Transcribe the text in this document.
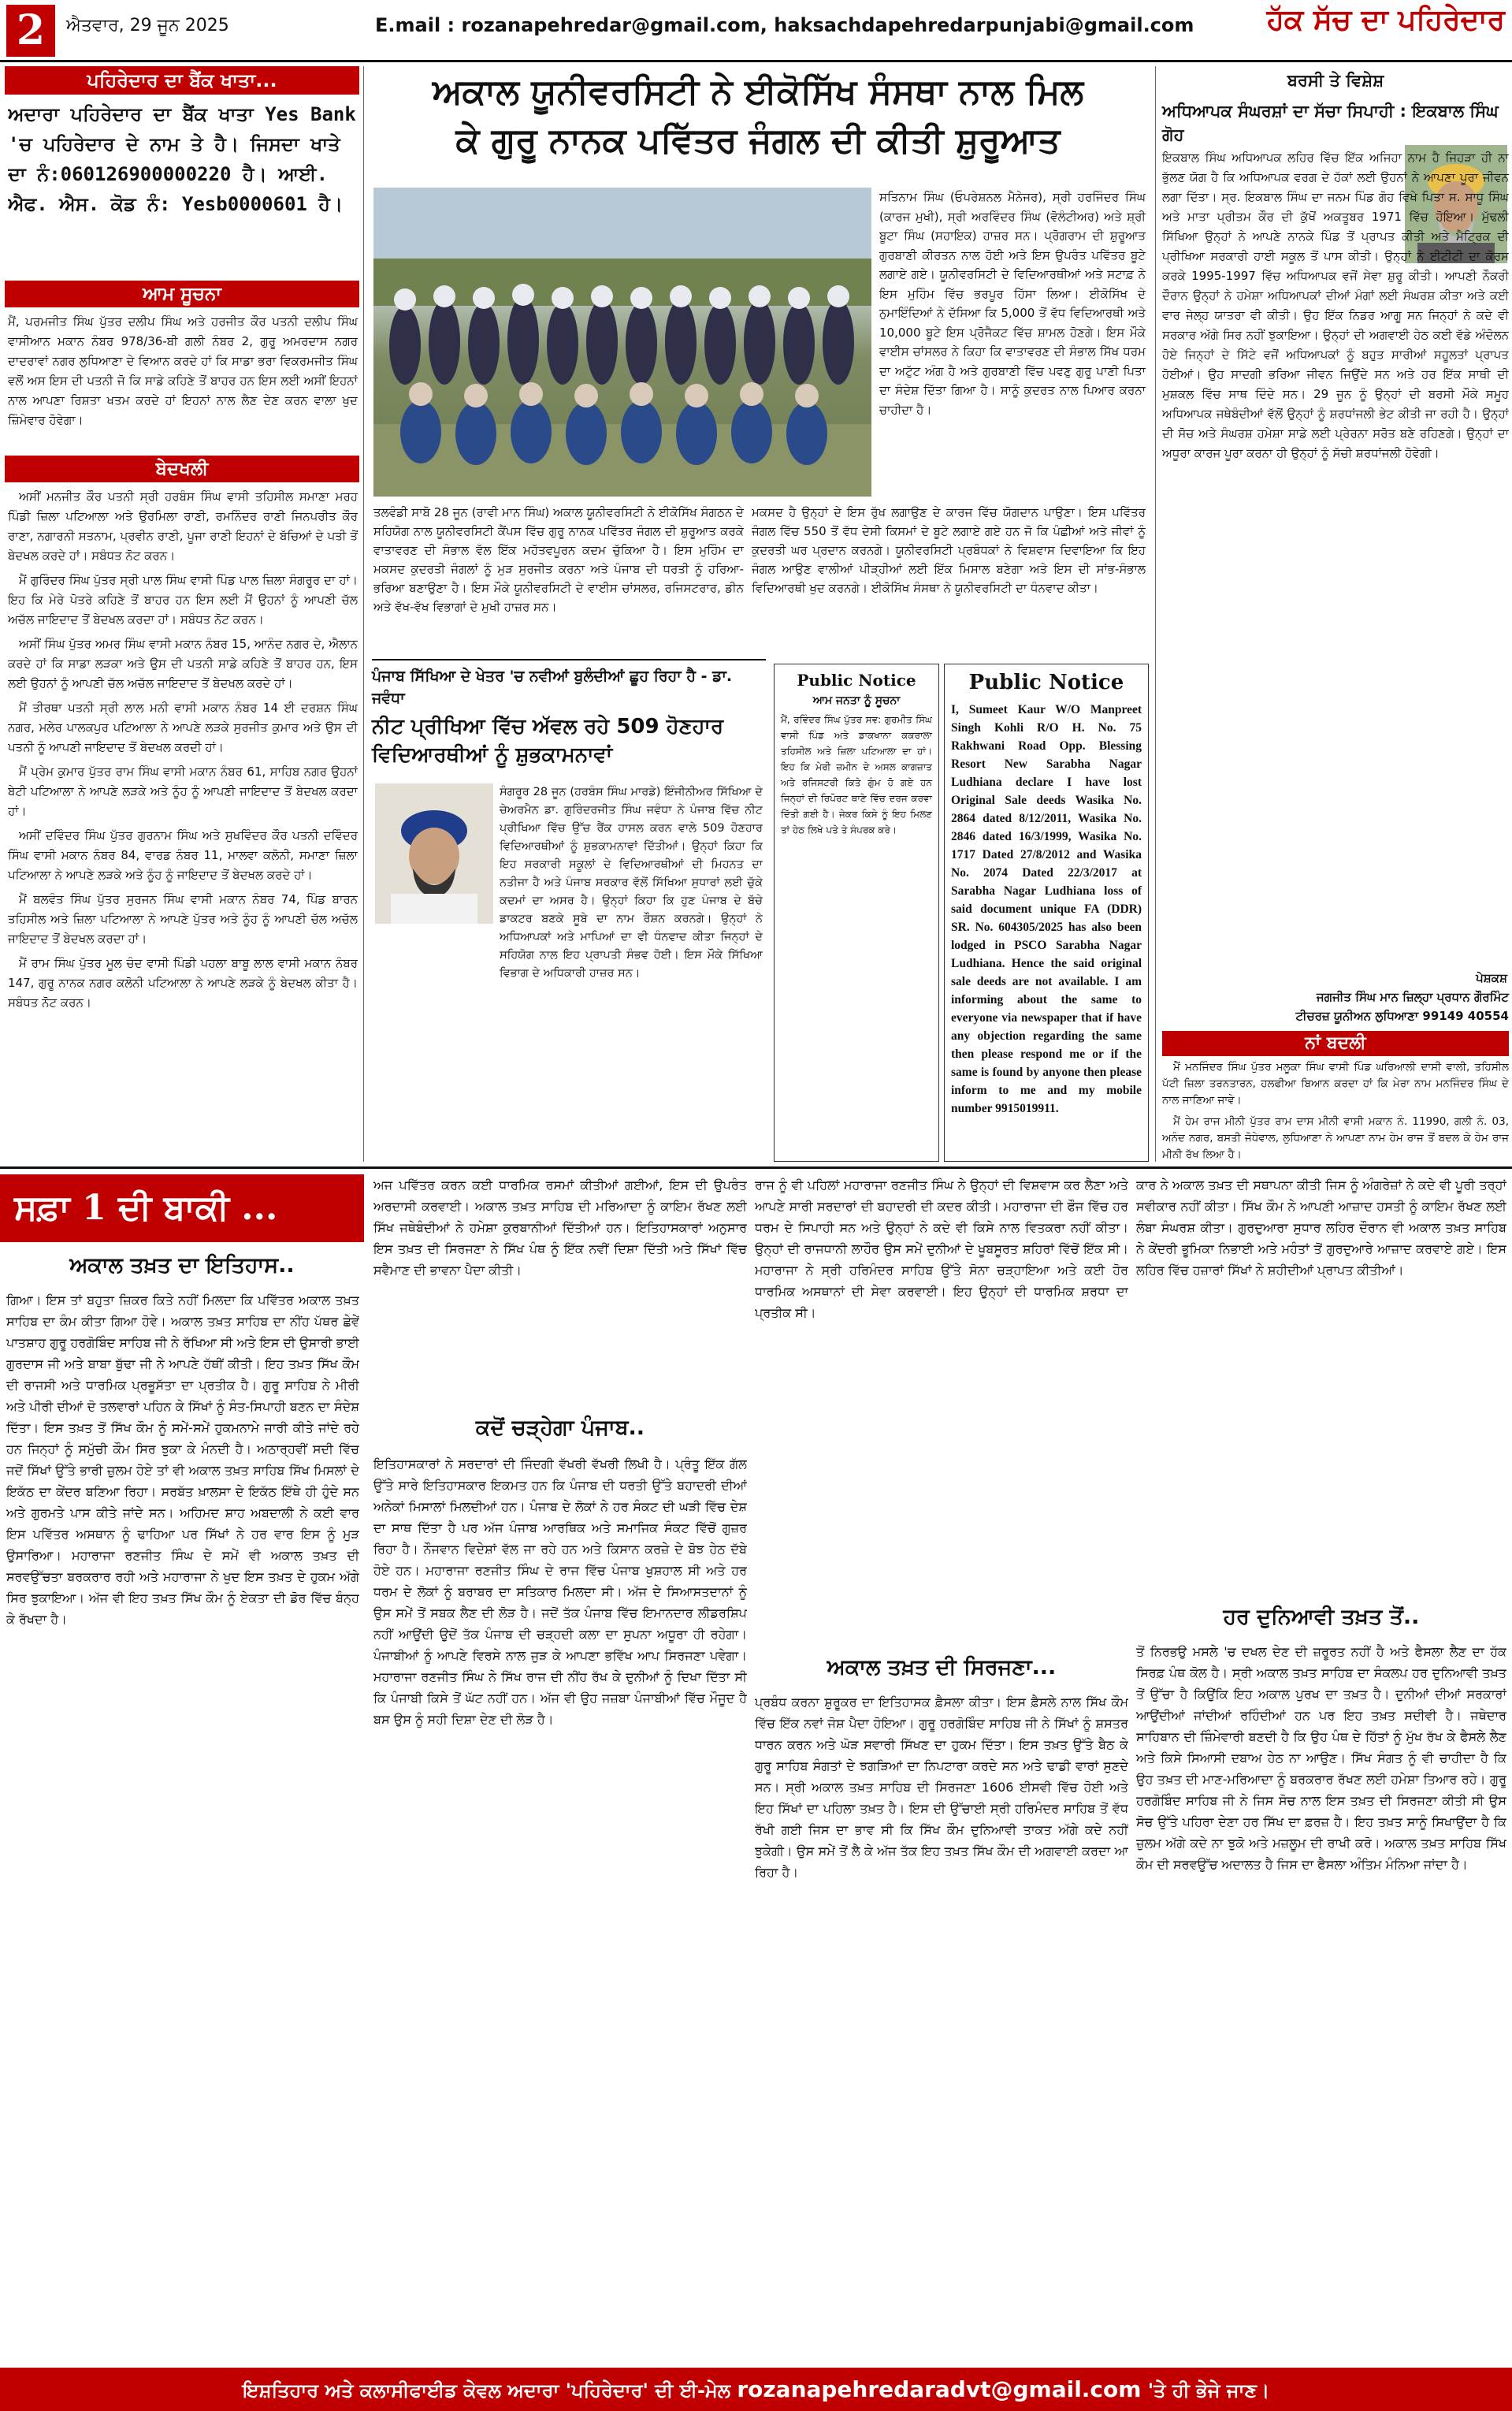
2	ਐਤਵਾਰ, 29 ਜੂਨ 2025	E.mail : rozanapehredar@gmail.com, haksachdapehredarpunjabi@gmail.com	ਹੱਕ ਸੱਚ ਦਾ ਪਹਿਰੇਦਾਰ
ਪਹਿਰੇਦਾਰ ਦਾ ਬੈਂਕ ਖਾਤਾ...
ਅਦਾਰਾ ਪਹਿਰੇਦਾਰ ਦਾ ਬੈਂਕ ਖਾਤਾ Yes Bank 'ਚ ਪਹਿਰੇਦਾਰ ਦੇ ਨਾਮ ਤੇ ਹੈ। ਜਿਸਦਾ ਖਾਤੇ ਦਾ ਨੰ:060126900000220 ਹੈ। ਆਈ. ਐਫ. ਐਸ. ਕੋਡ ਨੰ: Yesb0000601 ਹੈ।
ਆਮ ਸੂਚਨਾ
ਮੈਂ, ਪਰਮਜੀਤ ਸਿੰਘ ਪੁੱਤਰ ਦਲੀਪ ਸਿੰਘ ਅਤੇ ਹਰਜੀਤ ਕੌਰ ਪਤਨੀ ਦਲੀਪ ਸਿੰਘ ਵਾਸੀਆਨ ਮਕਾਨ ਨੰਬਰ 978/36-ਬੀ ਗਲੀ ਨੰਬਰ 2, ਗੁਰੂ ਅਮਰਦਾਸ ਨਗਰ ਦਾਦਰਾਵਾਂ ਨਗਰ ਲੁਧਿਆਣਾ ਦੇ ਵਿਆਨ ਕਰਦੇ ਹਾਂ ਕਿ ਸਾਡਾ ਭਰਾ ਵਿਕਰਮਜੀਤ ਸਿੰਘ ਵਲੋਂ ਅਸ ਇਸ ਦੀ ਪਤਨੀ ਜੋ ਕਿ ਸਾਡੇ ਕਹਿਣੇ ਤੋਂ ਬਾਹਰ ਹਨ ਇਸ ਲਈ ਅਸੀਂ ਇਹਨਾਂ ਨਾਲ ਆਪਣਾ ਰਿਸ਼ਤਾ ਖਤਮ ਕਰਦੇ ਹਾਂ ਇਹਨਾਂ ਨਾਲ ਲੈਣ ਦੇਣ ਕਰਨ ਵਾਲਾ ਖੁਦ ਜ਼ਿੰਮੇਵਾਰ ਹੋਵੇਗਾ।
ਬੇਦਖਲੀ

ਅਸੀਂ ਮਨਜੀਤ ਕੌਰ ਪਤਨੀ ਸ੍ਰੀ ਹਰਬੰਸ ਸਿੰਘ ਵਾਸੀ ਤਹਿਸੀਲ ਸਮਾਣਾ ਮਰਹ ਪਿੰਡੀ ਜ਼ਿਲਾ ਪਟਿਆਲਾ ਅਤੇ ਉਰਮਿਲਾ ਰਾਣੀ, ਰਮਨਿੰਦਰ ਰਾਣੀ ਜਿਨਪਰੀਤ ਕੌਰ ਰਾਣਾ, ਨਗਾਰਨੀ ਸਤਨਾਮ, ਪ੍ਰਵੀਨ ਰਾਣੀ, ਪੂਜਾ ਰਾਣੀ ਇਹਨਾਂ ਦੇ ਬੱਚਿਆਂ ਦੇ ਪਤੀ ਤੋਂ ਬੇਦਖਲ ਕਰਦੇ ਹਾਂ। ਸਬੰਧਤ ਨੋਟ ਕਰਨ।

ਮੈਂ ਗੁਰਿੰਦਰ ਸਿੰਘ ਪੁੱਤਰ ਸ੍ਰੀ ਪਾਲ ਸਿੰਘ ਵਾਸੀ ਪਿੰਡ ਪਾਲ ਜ਼ਿਲਾ ਸੰਗਰੂਰ ਦਾ ਹਾਂ। ਇਹ ਕਿ ਮੇਰੇ ਪੋਤਰੇ ਕਹਿਣੇ ਤੋਂ ਬਾਹਰ ਹਨ ਇਸ ਲਈ ਮੈਂ ਉਹਨਾਂ ਨੂੰ ਆਪਣੀ ਚੱਲ ਅਚੱਲ ਜਾਇਦਾਦ ਤੋਂ ਬੇਦਖਲ ਕਰਦਾ ਹਾਂ। ਸਬੰਧਤ ਨੋਟ ਕਰਨ।

ਅਸੀਂ ਸਿੰਘ ਪੁੱਤਰ ਅਮਰ ਸਿੰਘ ਵਾਸੀ ਮਕਾਨ ਨੰਬਰ 15, ਆਨੰਦ ਨਗਰ ਦੇ, ਐਲਾਨ ਕਰਦੇ ਹਾਂ ਕਿ ਸਾਡਾ ਲੜਕਾ ਅਤੇ ਉਸ ਦੀ ਪਤਨੀ ਸਾਡੇ ਕਹਿਣੇ ਤੋਂ ਬਾਹਰ ਹਨ, ਇਸ ਲਈ ਉਹਨਾਂ ਨੂੰ ਆਪਣੀ ਚੱਲ ਅਚੱਲ ਜਾਇਦਾਦ ਤੋਂ ਬੇਦਖਲ ਕਰਦੇ ਹਾਂ।

ਮੈਂ ਤੀਰਥਾ ਪਤਨੀ ਸ੍ਰੀ ਲਾਲ ਮਨੀ ਵਾਸੀ ਮਕਾਨ ਨੰਬਰ 14 ਈ ਦਰਸ਼ਨ ਸਿੰਘ ਨਗਰ, ਮਲੇਰ ਪਾਲਕਪੁਰ ਪਟਿਆਲਾ ਨੇ ਆਪਣੇ ਲੜਕੇ ਸੁਰਜੀਤ ਕੁਮਾਰ ਅਤੇ ਉਸ ਦੀ ਪਤਨੀ ਨੂੰ ਆਪਣੀ ਜਾਇਦਾਦ ਤੋਂ ਬੇਦਖਲ ਕਰਦੀ ਹਾਂ।

ਮੈਂ ਪ੍ਰੇਮ ਕੁਮਾਰ ਪੁੱਤਰ ਰਾਮ ਸਿੰਘ ਵਾਸੀ ਮਕਾਨ ਨੰਬਰ 61, ਸਾਹਿਬ ਨਗਰ ਉਹਨਾਂ ਬੇਟੀ ਪਟਿਆਲਾ ਨੇ ਆਪਣੇ ਲੜਕੇ ਅਤੇ ਨੂੰਹ ਨੂੰ ਆਪਣੀ ਜਾਇਦਾਦ ਤੋਂ ਬੇਦਖਲ ਕਰਦਾ ਹਾਂ।

ਅਸੀਂ ਦਵਿੰਦਰ ਸਿੰਘ ਪੁੱਤਰ ਗੁਰਨਾਮ ਸਿੰਘ ਅਤੇ ਸੁਖਵਿੰਦਰ ਕੌਰ ਪਤਨੀ ਦਵਿੰਦਰ ਸਿੰਘ ਵਾਸੀ ਮਕਾਨ ਨੰਬਰ 84, ਵਾਰਡ ਨੰਬਰ 11, ਮਾਲਵਾ ਕਲੋਨੀ, ਸਮਾਣਾ ਜ਼ਿਲਾ ਪਟਿਆਲਾ ਨੇ ਆਪਣੇ ਲੜਕੇ ਅਤੇ ਨੂੰਹ ਨੂੰ ਜਾਇਦਾਦ ਤੋਂ ਬੇਦਖਲ ਕਰਦੇ ਹਾਂ।

ਮੈਂ ਬਲਵੰਤ ਸਿੰਘ ਪੁੱਤਰ ਸੁਰਜਨ ਸਿੰਘ ਵਾਸੀ ਮਕਾਨ ਨੰਬਰ 74, ਪਿੰਡ ਬਾਰਨ ਤਹਿਸੀਲ ਅਤੇ ਜ਼ਿਲਾ ਪਟਿਆਲਾ ਨੇ ਆਪਣੇ ਪੁੱਤਰ ਅਤੇ ਨੂੰਹ ਨੂੰ ਆਪਣੀ ਚੱਲ ਅਚੱਲ ਜਾਇਦਾਦ ਤੋਂ ਬੇਦਖਲ ਕਰਦਾ ਹਾਂ।

ਮੈਂ ਰਾਮ ਸਿੰਘ ਪੁੱਤਰ ਮੂਲ ਚੰਦ ਵਾਸੀ ਪਿੰਡੀ ਪਹਲਾ ਬਾਬੂ ਲਾਲ ਵਾਸੀ ਮਕਾਨ ਨੰਬਰ 147, ਗੁਰੂ ਨਾਨਕ ਨਗਰ ਕਲੋਨੀ ਪਟਿਆਲਾ ਨੇ ਆਪਣੇ ਲੜਕੇ ਨੂੰ ਬੇਦਖਲ ਕੀਤਾ ਹੈ। ਸਬੰਧਤ ਨੋਟ ਕਰਨ।

ਅਕਾਲ ਯੂਨੀਵਰਸਿਟੀ ਨੇ ਈਕੋਸਿੱਖ ਸੰਸਥਾ ਨਾਲ ਮਿਲ
ਕੇ ਗੁਰੂ ਨਾਨਕ ਪਵਿੱਤਰ ਜੰਗਲ ਦੀ ਕੀਤੀ ਸ਼ੁਰੂਆਤ
ਸਤਿਨਾਮ ਸਿੰਘ (ਓਪਰੇਸ਼ਨਲ ਮੈਨੇਜਰ), ਸ੍ਰੀ ਹਰਜਿੰਦਰ ਸਿੰਘ (ਕਾਰਜ ਮੁਖੀ), ਸ੍ਰੀ ਅਰਵਿੰਦਰ ਸਿੰਘ (ਵੋਲੰਟੀਅਰ) ਅਤੇ ਸ਼੍ਰੀ ਬੂਟਾ ਸਿੰਘ (ਸਹਾਇਕ) ਹਾਜ਼ਰ ਸਨ। ਪ੍ਰੋਗਰਾਮ ਦੀ ਸ਼ੁਰੂਆਤ ਗੁਰਬਾਣੀ ਕੀਰਤਨ ਨਾਲ ਹੋਈ ਅਤੇ ਇਸ ਉਪਰੰਤ ਪਵਿੱਤਰ ਬੂਟੇ ਲਗਾਏ ਗਏ। ਯੂਨੀਵਰਸਿਟੀ ਦੇ ਵਿਦਿਆਰਥੀਆਂ ਅਤੇ ਸਟਾਫ਼ ਨੇ ਇਸ ਮੁਹਿੰਮ ਵਿੱਚ ਭਰਪੂਰ ਹਿੱਸਾ ਲਿਆ। ਈਕੋਸਿੱਖ ਦੇ ਨੁਮਾਇੰਦਿਆਂ ਨੇ ਦੱਸਿਆ ਕਿ 5,000 ਤੋਂ ਵੱਧ ਵਿਦਿਆਰਥੀ ਅਤੇ 10,000 ਬੂਟੇ ਇਸ ਪ੍ਰੋਜੈਕਟ ਵਿੱਚ ਸ਼ਾਮਲ ਹੋਣਗੇ। ਇਸ ਮੌਕੇ ਵਾਈਸ ਚਾਂਸਲਰ ਨੇ ਕਿਹਾ ਕਿ ਵਾਤਾਵਰਣ ਦੀ ਸੰਭਾਲ ਸਿੱਖ ਧਰਮ ਦਾ ਅਟੁੱਟ ਅੰਗ ਹੈ ਅਤੇ ਗੁਰਬਾਣੀ ਵਿੱਚ ਪਵਣੁ ਗੁਰੂ ਪਾਣੀ ਪਿਤਾ ਦਾ ਸੰਦੇਸ਼ ਦਿੱਤਾ ਗਿਆ ਹੈ। ਸਾਨੂੰ ਕੁਦਰਤ ਨਾਲ ਪਿਆਰ ਕਰਨਾ ਚਾਹੀਦਾ ਹੈ।
ਤਲਵੰਡੀ ਸਾਬੋ 28 ਜੂਨ (ਰਾਵੀ ਮਾਨ ਸਿੰਘ) ਅਕਾਲ ਯੂਨੀਵਰਸਿਟੀ ਨੇ ਈਕੋਸਿੱਖ ਸੰਗਠਨ ਦੇ ਸਹਿਯੋਗ ਨਾਲ ਯੂਨੀਵਰਸਿਟੀ ਕੈਂਪਸ ਵਿੱਚ ਗੁਰੂ ਨਾਨਕ ਪਵਿੱਤਰ ਜੰਗਲ ਦੀ ਸ਼ੁਰੂਆਤ ਕਰਕੇ ਵਾਤਾਵਰਣ ਦੀ ਸੰਭਾਲ ਵੱਲ ਇੱਕ ਮਹੱਤਵਪੂਰਨ ਕਦਮ ਚੁੱਕਿਆ ਹੈ। ਇਸ ਮੁਹਿੰਮ ਦਾ ਮਕਸਦ ਕੁਦਰਤੀ ਜੰਗਲਾਂ ਨੂੰ ਮੁੜ ਸੁਰਜੀਤ ਕਰਨਾ ਅਤੇ ਪੰਜਾਬ ਦੀ ਧਰਤੀ ਨੂੰ ਹਰਿਆ-ਭਰਿਆ ਬਣਾਉਣਾ ਹੈ। ਇਸ ਮੌਕੇ ਯੂਨੀਵਰਸਿਟੀ ਦੇ ਵਾਈਸ ਚਾਂਸਲਰ, ਰਜਿਸਟਰਾਰ, ਡੀਨ ਅਤੇ ਵੱਖ-ਵੱਖ ਵਿਭਾਗਾਂ ਦੇ ਮੁਖੀ ਹਾਜ਼ਰ ਸਨ।
ਮਕਸਦ ਹੈ ਉਨ੍ਹਾਂ ਦੇ ਇਸ ਰੁੱਖ ਲਗਾਉਣ ਦੇ ਕਾਰਜ ਵਿੱਚ ਯੋਗਦਾਨ ਪਾਉਣਾ। ਇਸ ਪਵਿੱਤਰ ਜੰਗਲ ਵਿੱਚ 550 ਤੋਂ ਵੱਧ ਦੇਸੀ ਕਿਸਮਾਂ ਦੇ ਬੂਟੇ ਲਗਾਏ ਗਏ ਹਨ ਜੋ ਕਿ ਪੰਛੀਆਂ ਅਤੇ ਜੀਵਾਂ ਨੂੰ ਕੁਦਰਤੀ ਘਰ ਪ੍ਰਦਾਨ ਕਰਨਗੇ। ਯੂਨੀਵਰਸਿਟੀ ਪ੍ਰਬੰਧਕਾਂ ਨੇ ਵਿਸ਼ਵਾਸ ਦਿਵਾਇਆ ਕਿ ਇਹ ਜੰਗਲ ਆਉਣ ਵਾਲੀਆਂ ਪੀੜ੍ਹੀਆਂ ਲਈ ਇੱਕ ਮਿਸਾਲ ਬਣੇਗਾ ਅਤੇ ਇਸ ਦੀ ਸਾਂਭ-ਸੰਭਾਲ ਵਿਦਿਆਰਥੀ ਖੁਦ ਕਰਨਗੇ। ਈਕੋਸਿੱਖ ਸੰਸਥਾ ਨੇ ਯੂਨੀਵਰਸਿਟੀ ਦਾ ਧੰਨਵਾਦ ਕੀਤਾ।
ਪੰਜਾਬ ਸਿੱਖਿਆ ਦੇ ਖੇਤਰ 'ਚ ਨਵੀਆਂ ਬੁਲੰਦੀਆਂ ਛੂਹ ਰਿਹਾ ਹੈ - ਡਾ. ਜਵੰਧਾ
ਨੀਟ ਪ੍ਰੀਖਿਆ ਵਿੱਚ ਅੱਵਲ ਰਹੇ 509 ਹੋਣਹਾਰ ਵਿਦਿਆਰਥੀਆਂ ਨੂੰ ਸ਼ੁਭਕਾਮਨਾਵਾਂ
ਸੰਗਰੂਰ 28 ਜੂਨ (ਹਰਬੰਸ ਸਿੰਘ ਮਾਰਡੇ) ਇੰਜੀਨੀਅਰ ਸਿੱਖਿਆ ਦੇ ਚੇਅਰਮੈਨ ਡਾ. ਗੁਰਿੰਦਰਜੀਤ ਸਿੰਘ ਜਵੰਧਾ ਨੇ ਪੰਜਾਬ ਵਿੱਚ ਨੀਟ ਪ੍ਰੀਖਿਆ ਵਿੱਚ ਉੱਚ ਰੈਂਕ ਹਾਸਲ ਕਰਨ ਵਾਲੇ 509 ਹੋਣਹਾਰ ਵਿਦਿਆਰਥੀਆਂ ਨੂੰ ਸ਼ੁਭਕਾਮਨਾਵਾਂ ਦਿੱਤੀਆਂ। ਉਨ੍ਹਾਂ ਕਿਹਾ ਕਿ ਇਹ ਸਰਕਾਰੀ ਸਕੂਲਾਂ ਦੇ ਵਿਦਿਆਰਥੀਆਂ ਦੀ ਮਿਹਨਤ ਦਾ ਨਤੀਜਾ ਹੈ ਅਤੇ ਪੰਜਾਬ ਸਰਕਾਰ ਵੱਲੋਂ ਸਿੱਖਿਆ ਸੁਧਾਰਾਂ ਲਈ ਚੁੱਕੇ ਕਦਮਾਂ ਦਾ ਅਸਰ ਹੈ। ਉਨ੍ਹਾਂ ਕਿਹਾ ਕਿ ਹੁਣ ਪੰਜਾਬ ਦੇ ਬੱਚੇ ਡਾਕਟਰ ਬਣਕੇ ਸੂਬੇ ਦਾ ਨਾਮ ਰੌਸ਼ਨ ਕਰਨਗੇ। ਉਨ੍ਹਾਂ ਨੇ ਅਧਿਆਪਕਾਂ ਅਤੇ ਮਾਪਿਆਂ ਦਾ ਵੀ ਧੰਨਵਾਦ ਕੀਤਾ ਜਿਨ੍ਹਾਂ ਦੇ ਸਹਿਯੋਗ ਨਾਲ ਇਹ ਪ੍ਰਾਪਤੀ ਸੰਭਵ ਹੋਈ। ਇਸ ਮੌਕੇ ਸਿੱਖਿਆ ਵਿਭਾਗ ਦੇ ਅਧਿਕਾਰੀ ਹਾਜ਼ਰ ਸਨ।
Public Notice
ਆਮ ਜਨਤਾ ਨੂੰ ਸੂਚਨਾ
ਮੈਂ, ਰਵਿੰਦਰ ਸਿੰਘ ਪੁੱਤਰ ਸਵ: ਗੁਰਮੀਤ ਸਿੰਘ ਵਾਸੀ ਪਿੰਡ ਅਤੇ ਡਾਕਖਾਨਾ ਕਕਰਾਲਾ ਤਹਿਸੀਲ ਅਤੇ ਜ਼ਿਲਾ ਪਟਿਆਲਾ ਦਾ ਹਾਂ। ਇਹ ਕਿ ਮੇਰੀ ਜ਼ਮੀਨ ਦੇ ਅਸਲ ਕਾਗਜ਼ਾਤ ਅਤੇ ਰਜਿਸਟਰੀ ਕਿਤੇ ਗੁੰਮ ਹੋ ਗਏ ਹਨ ਜਿਨ੍ਹਾਂ ਦੀ ਰਿਪੋਰਟ ਥਾਣੇ ਵਿੱਚ ਦਰਜ ਕਰਵਾ ਦਿੱਤੀ ਗਈ ਹੈ। ਜੇਕਰ ਕਿਸੇ ਨੂੰ ਇਹ ਮਿਲਣ ਤਾਂ ਹੇਠ ਲਿਖੇ ਪਤੇ ਤੇ ਸੰਪਰਕ ਕਰੇ।
Public Notice
I, Sumeet Kaur W/O Manpreet Singh Kohli R/O H. No. 75 Rakhwani Road Opp. Blessing Resort New Sarabha Nagar Ludhiana declare I have lost Original Sale deeds Wasika No. 2864 dated 8/12/2011, Wasika No. 2846 dated 16/3/1999, Wasika No. 1717 Dated 27/8/2012 and Wasika No. 2074 Dated 22/3/2017 at Sarabha Nagar Ludhiana loss of said document unique FA (DDR) SR. No. 604305/2025 has also been lodged in PSCO Sarabha Nagar Ludhiana. Hence the said original sale deeds are not available. I am informing about the same to everyone via newspaper that if have any objection regarding the same then please respond me or if the same is found by anyone then please inform to me and my mobile number 9915019911.
ਬਰਸੀ ਤੇ ਵਿਸ਼ੇਸ਼
ਅਧਿਆਪਕ ਸੰਘਰਸ਼ਾਂ ਦਾ ਸੱਚਾ ਸਿਪਾਹੀ : ਇਕਬਾਲ ਸਿੰਘ ਗੋਹ
ਇਕਬਾਲ ਸਿੰਘ ਅਧਿਆਪਕ ਲਹਿਰ ਵਿੱਚ ਇੱਕ ਅਜਿਹਾ ਨਾਮ ਹੈ ਜਿਹੜਾ ਹੀ ਨਾ ਭੁੱਲਣ ਯੋਗ ਹੈ ਕਿ ਅਧਿਆਪਕ ਵਰਗ ਦੇ ਹੱਕਾਂ ਲਈ ਉਹਨਾਂ ਨੇ ਆਪਣਾ ਪੂਰਾ ਜੀਵਨ ਲਗਾ ਦਿੱਤਾ। ਸ੍ਰ. ਇਕਬਾਲ ਸਿੰਘ ਦਾ ਜਨਮ ਪਿੰਡ ਗੋਹ ਵਿਖੇ ਪਿਤਾ ਸ. ਸਾਧੂ ਸਿੰਘ ਅਤੇ ਮਾਤਾ ਪ੍ਰੀਤਮ ਕੌਰ ਦੀ ਕੁੱਖੋਂ ਅਕਤੂਬਰ 1971 ਵਿੱਚ ਹੋਇਆ। ਮੁੱਢਲੀ ਸਿੱਖਿਆ ਉਨ੍ਹਾਂ ਨੇ ਆਪਣੇ ਨਾਨਕੇ ਪਿੰਡ ਤੋਂ ਪ੍ਰਾਪਤ ਕੀਤੀ ਅਤੇ ਮੈਟ੍ਰਿਕ ਦੀ ਪ੍ਰੀਖਿਆ ਸਰਕਾਰੀ ਹਾਈ ਸਕੂਲ ਤੋਂ ਪਾਸ ਕੀਤੀ। ਉਨ੍ਹਾਂ ਨੇ ਈਟੀਟੀ ਦਾ ਕੋਰਸ ਕਰਕੇ 1995-1997 ਵਿੱਚ ਅਧਿਆਪਕ ਵਜੋਂ ਸੇਵਾ ਸ਼ੁਰੂ ਕੀਤੀ। ਆਪਣੀ ਨੌਕਰੀ ਦੌਰਾਨ ਉਨ੍ਹਾਂ ਨੇ ਹਮੇਸ਼ਾ ਅਧਿਆਪਕਾਂ ਦੀਆਂ ਮੰਗਾਂ ਲਈ ਸੰਘਰਸ਼ ਕੀਤਾ ਅਤੇ ਕਈ ਵਾਰ ਜੇਲ੍ਹ ਯਾਤਰਾ ਵੀ ਕੀਤੀ। ਉਹ ਇੱਕ ਨਿਡਰ ਆਗੂ ਸਨ ਜਿਨ੍ਹਾਂ ਨੇ ਕਦੇ ਵੀ ਸਰਕਾਰ ਅੱਗੇ ਸਿਰ ਨਹੀਂ ਝੁਕਾਇਆ। ਉਨ੍ਹਾਂ ਦੀ ਅਗਵਾਈ ਹੇਠ ਕਈ ਵੱਡੇ ਅੰਦੋਲਨ ਹੋਏ ਜਿਨ੍ਹਾਂ ਦੇ ਸਿੱਟੇ ਵਜੋਂ ਅਧਿਆਪਕਾਂ ਨੂੰ ਬਹੁਤ ਸਾਰੀਆਂ ਸਹੂਲਤਾਂ ਪ੍ਰਾਪਤ ਹੋਈਆਂ। ਉਹ ਸਾਦਗੀ ਭਰਿਆ ਜੀਵਨ ਜਿਉਂਦੇ ਸਨ ਅਤੇ ਹਰ ਇੱਕ ਸਾਥੀ ਦੀ ਮੁਸ਼ਕਲ ਵਿੱਚ ਸਾਥ ਦਿੰਦੇ ਸਨ। 29 ਜੂਨ ਨੂੰ ਉਨ੍ਹਾਂ ਦੀ ਬਰਸੀ ਮੌਕੇ ਸਮੂਹ ਅਧਿਆਪਕ ਜਥੇਬੰਦੀਆਂ ਵੱਲੋਂ ਉਨ੍ਹਾਂ ਨੂੰ ਸ਼ਰਧਾਂਜਲੀ ਭੇਟ ਕੀਤੀ ਜਾ ਰਹੀ ਹੈ। ਉਨ੍ਹਾਂ ਦੀ ਸੋਚ ਅਤੇ ਸੰਘਰਸ਼ ਹਮੇਸ਼ਾ ਸਾਡੇ ਲਈ ਪ੍ਰੇਰਨਾ ਸਰੋਤ ਬਣੇ ਰਹਿਣਗੇ। ਉਨ੍ਹਾਂ ਦਾ ਅਧੂਰਾ ਕਾਰਜ ਪੂਰਾ ਕਰਨਾ ਹੀ ਉਨ੍ਹਾਂ ਨੂੰ ਸੱਚੀ ਸ਼ਰਧਾਂਜਲੀ ਹੋਵੇਗੀ।
ਪੇਸ਼ਕਸ਼
ਜਗਜੀਤ ਸਿੰਘ ਮਾਨ ਜ਼ਿਲ੍ਹਾ ਪ੍ਰਧਾਨ ਗੌਰਮਿੰਟ
ਟੀਚਰਜ਼ ਯੂਨੀਅਨ ਲੁਧਿਆਣਾ 99149 40554
ਨਾਂ ਬਦਲੀ

ਮੈਂ ਮਨਜਿੰਦਰ ਸਿੰਘ ਪੁੱਤਰ ਮਲੂਕਾ ਸਿੰਘ ਵਾਸੀ ਪਿੰਡ ਘਰਿਆਲੀ ਦਾਸੀ ਵਾਲੀ, ਤਹਿਸੀਲ ਪੱਟੀ ਜ਼ਿਲਾ ਤਰਨਤਾਰਨ, ਹਲਫੀਆ ਬਿਆਨ ਕਰਦਾ ਹਾਂ ਕਿ ਮੇਰਾ ਨਾਮ ਮਨਜਿੰਦਰ ਸਿੰਘ ਦੇ ਨਾਲ ਜਾਣਿਆ ਜਾਵੇ।

ਮੈਂ ਹੇਮ ਰਾਜ ਮੀਨੀ ਪੁੱਤਰ ਰਾਮ ਦਾਸ ਮੀਨੀ ਵਾਸੀ ਮਕਾਨ ਨੰ. 11990, ਗਲੀ ਨੰ. 03, ਅਨੰਦ ਨਗਰ, ਬਸਤੀ ਜੋਧੇਵਾਲ, ਲੁਧਿਆਣਾ ਨੇ ਆਪਣਾ ਨਾਮ ਹੇਮ ਰਾਜ ਤੋਂ ਬਦਲ ਕੇ ਹੇਮ ਰਾਜ ਮੀਨੀ ਰੱਖ ਲਿਆ ਹੈ।

ਸਫ਼ਾ 1 ਦੀ ਬਾਕੀ ...
ਅਕਾਲ ਤਖ਼ਤ ਦਾ ਇਤਿਹਾਸ..
ਗਿਆ। ਇਸ ਤਾਂ ਬਹੁਤਾ ਜ਼ਿਕਰ ਕਿਤੇ ਨਹੀਂ ਮਿਲਦਾ ਕਿ ਪਵਿੱਤਰ ਅਕਾਲ ਤਖ਼ਤ ਸਾਹਿਬ ਦਾ ਕੰਮ ਕੀਤਾ ਗਿਆ ਹੋਵੇ। ਅਕਾਲ ਤਖ਼ਤ ਸਾਹਿਬ ਦਾ ਨੀਂਹ ਪੱਥਰ ਛੇਵੇਂ ਪਾਤਸ਼ਾਹ ਗੁਰੂ ਹਰਗੋਬਿੰਦ ਸਾਹਿਬ ਜੀ ਨੇ ਰੱਖਿਆ ਸੀ ਅਤੇ ਇਸ ਦੀ ਉਸਾਰੀ ਭਾਈ ਗੁਰਦਾਸ ਜੀ ਅਤੇ ਬਾਬਾ ਬੁੱਢਾ ਜੀ ਨੇ ਆਪਣੇ ਹੱਥੀਂ ਕੀਤੀ। ਇਹ ਤਖ਼ਤ ਸਿੱਖ ਕੌਮ ਦੀ ਰਾਜਸੀ ਅਤੇ ਧਾਰਮਿਕ ਪ੍ਰਭੂਸੱਤਾ ਦਾ ਪ੍ਰਤੀਕ ਹੈ। ਗੁਰੂ ਸਾਹਿਬ ਨੇ ਮੀਰੀ ਅਤੇ ਪੀਰੀ ਦੀਆਂ ਦੋ ਤਲਵਾਰਾਂ ਪਹਿਨ ਕੇ ਸਿੱਖਾਂ ਨੂੰ ਸੰਤ-ਸਿਪਾਹੀ ਬਣਨ ਦਾ ਸੰਦੇਸ਼ ਦਿੱਤਾ। ਇਸ ਤਖ਼ਤ ਤੋਂ ਸਿੱਖ ਕੌਮ ਨੂੰ ਸਮੇਂ-ਸਮੇਂ ਹੁਕਮਨਾਮੇ ਜਾਰੀ ਕੀਤੇ ਜਾਂਦੇ ਰਹੇ ਹਨ ਜਿਨ੍ਹਾਂ ਨੂੰ ਸਮੁੱਚੀ ਕੌਮ ਸਿਰ ਝੁਕਾ ਕੇ ਮੰਨਦੀ ਹੈ। ਅਠਾਰ੍ਹਵੀਂ ਸਦੀ ਵਿੱਚ ਜਦੋਂ ਸਿੱਖਾਂ ਉੱਤੇ ਭਾਰੀ ਜ਼ੁਲਮ ਹੋਏ ਤਾਂ ਵੀ ਅਕਾਲ ਤਖ਼ਤ ਸਾਹਿਬ ਸਿੱਖ ਮਿਸਲਾਂ ਦੇ ਇਕੱਠ ਦਾ ਕੇਂਦਰ ਬਣਿਆ ਰਿਹਾ। ਸਰਬੱਤ ਖ਼ਾਲਸਾ ਦੇ ਇਕੱਠ ਇੱਥੇ ਹੀ ਹੁੰਦੇ ਸਨ ਅਤੇ ਗੁਰਮਤੇ ਪਾਸ ਕੀਤੇ ਜਾਂਦੇ ਸਨ। ਅਹਿਮਦ ਸ਼ਾਹ ਅਬਦਾਲੀ ਨੇ ਕਈ ਵਾਰ ਇਸ ਪਵਿੱਤਰ ਅਸਥਾਨ ਨੂੰ ਢਾਹਿਆ ਪਰ ਸਿੱਖਾਂ ਨੇ ਹਰ ਵਾਰ ਇਸ ਨੂੰ ਮੁੜ ਉਸਾਰਿਆ। ਮਹਾਰਾਜਾ ਰਣਜੀਤ ਸਿੰਘ ਦੇ ਸਮੇਂ ਵੀ ਅਕਾਲ ਤਖ਼ਤ ਦੀ ਸਰਵਉੱਚਤਾ ਬਰਕਰਾਰ ਰਹੀ ਅਤੇ ਮਹਾਰਾਜਾ ਨੇ ਖੁਦ ਇਸ ਤਖ਼ਤ ਦੇ ਹੁਕਮ ਅੱਗੇ ਸਿਰ ਝੁਕਾਇਆ। ਅੱਜ ਵੀ ਇਹ ਤਖ਼ਤ ਸਿੱਖ ਕੌਮ ਨੂੰ ਏਕਤਾ ਦੀ ਡੋਰ ਵਿੱਚ ਬੰਨ੍ਹ ਕੇ ਰੱਖਦਾ ਹੈ।
ਅਜ ਪਵਿੱਤਰ ਕਰਨ ਕਈ ਧਾਰਮਿਕ ਰਸਮਾਂ ਕੀਤੀਆਂ ਗਈਆਂ, ਇਸ ਦੀ ਉਪਰੰਤ ਅਰਦਾਸੀ ਕਰਵਾਈ। ਅਕਾਲ ਤਖ਼ਤ ਸਾਹਿਬ ਦੀ ਮਰਿਆਦਾ ਨੂੰ ਕਾਇਮ ਰੱਖਣ ਲਈ ਸਿੱਖ ਜਥੇਬੰਦੀਆਂ ਨੇ ਹਮੇਸ਼ਾ ਕੁਰਬਾਨੀਆਂ ਦਿੱਤੀਆਂ ਹਨ। ਇਤਿਹਾਸਕਾਰਾਂ ਅਨੁਸਾਰ ਇਸ ਤਖ਼ਤ ਦੀ ਸਿਰਜਣਾ ਨੇ ਸਿੱਖ ਪੰਥ ਨੂੰ ਇੱਕ ਨਵੀਂ ਦਿਸ਼ਾ ਦਿੱਤੀ ਅਤੇ ਸਿੱਖਾਂ ਵਿੱਚ ਸਵੈਮਾਣ ਦੀ ਭਾਵਨਾ ਪੈਦਾ ਕੀਤੀ।
ਕਦੋਂ ਚੜ੍ਹੇਗਾ ਪੰਜਾਬ..
ਇਤਿਹਾਸਕਾਰਾਂ ਨੇ ਸਰਦਾਰਾਂ ਦੀ ਜਿੰਦਗੀ ਵੱਖਰੀ ਵੱਖਰੀ ਲਿਖੀ ਹੈ। ਪ੍ਰੰਤੂ ਇੱਕ ਗੱਲ ਉੱਤੇ ਸਾਰੇ ਇਤਿਹਾਸਕਾਰ ਇਕਮਤ ਹਨ ਕਿ ਪੰਜਾਬ ਦੀ ਧਰਤੀ ਉੱਤੇ ਬਹਾਦਰੀ ਦੀਆਂ ਅਨੇਕਾਂ ਮਿਸਾਲਾਂ ਮਿਲਦੀਆਂ ਹਨ। ਪੰਜਾਬ ਦੇ ਲੋਕਾਂ ਨੇ ਹਰ ਸੰਕਟ ਦੀ ਘੜੀ ਵਿੱਚ ਦੇਸ਼ ਦਾ ਸਾਥ ਦਿੱਤਾ ਹੈ ਪਰ ਅੱਜ ਪੰਜਾਬ ਆਰਥਿਕ ਅਤੇ ਸਮਾਜਿਕ ਸੰਕਟ ਵਿੱਚੋਂ ਗੁਜ਼ਰ ਰਿਹਾ ਹੈ। ਨੌਜਵਾਨ ਵਿਦੇਸ਼ਾਂ ਵੱਲ ਜਾ ਰਹੇ ਹਨ ਅਤੇ ਕਿਸਾਨ ਕਰਜ਼ੇ ਦੇ ਬੋਝ ਹੇਠ ਦੱਬੇ ਹੋਏ ਹਨ। ਮਹਾਰਾਜਾ ਰਣਜੀਤ ਸਿੰਘ ਦੇ ਰਾਜ ਵਿੱਚ ਪੰਜਾਬ ਖੁਸ਼ਹਾਲ ਸੀ ਅਤੇ ਹਰ ਧਰਮ ਦੇ ਲੋਕਾਂ ਨੂੰ ਬਰਾਬਰ ਦਾ ਸਤਿਕਾਰ ਮਿਲਦਾ ਸੀ। ਅੱਜ ਦੇ ਸਿਆਸਤਦਾਨਾਂ ਨੂੰ ਉਸ ਸਮੇਂ ਤੋਂ ਸਬਕ ਲੈਣ ਦੀ ਲੋੜ ਹੈ। ਜਦੋਂ ਤੱਕ ਪੰਜਾਬ ਵਿੱਚ ਇਮਾਨਦਾਰ ਲੀਡਰਸ਼ਿਪ ਨਹੀਂ ਆਉਂਦੀ ਉਦੋਂ ਤੱਕ ਪੰਜਾਬ ਦੀ ਚੜ੍ਹਦੀ ਕਲਾ ਦਾ ਸੁਪਨਾ ਅਧੂਰਾ ਹੀ ਰਹੇਗਾ। ਪੰਜਾਬੀਆਂ ਨੂੰ ਆਪਣੇ ਵਿਰਸੇ ਨਾਲ ਜੁੜ ਕੇ ਆਪਣਾ ਭਵਿੱਖ ਆਪ ਸਿਰਜਣਾ ਪਵੇਗਾ। ਮਹਾਰਾਜਾ ਰਣਜੀਤ ਸਿੰਘ ਨੇ ਸਿੱਖ ਰਾਜ ਦੀ ਨੀਂਹ ਰੱਖ ਕੇ ਦੁਨੀਆਂ ਨੂੰ ਦਿਖਾ ਦਿੱਤਾ ਸੀ ਕਿ ਪੰਜਾਬੀ ਕਿਸੇ ਤੋਂ ਘੱਟ ਨਹੀਂ ਹਨ। ਅੱਜ ਵੀ ਉਹ ਜਜ਼ਬਾ ਪੰਜਾਬੀਆਂ ਵਿੱਚ ਮੌਜੂਦ ਹੈ ਬਸ ਉਸ ਨੂੰ ਸਹੀ ਦਿਸ਼ਾ ਦੇਣ ਦੀ ਲੋੜ ਹੈ।
ਰਾਜ ਨੂੰ ਵੀ ਪਹਿਲਾਂ ਮਹਾਰਾਜਾ ਰਣਜੀਤ ਸਿੰਘ ਨੇ ਉਨ੍ਹਾਂ ਦੀ ਵਿਸ਼ਵਾਸ ਕਰ ਲੈਣਾ ਅਤੇ ਆਪਣੇ ਸਾਰੀ ਸਰਦਾਰਾਂ ਦੀ ਬਹਾਦਰੀ ਦੀ ਕਦਰ ਕੀਤੀ। ਮਹਾਰਾਜਾ ਦੀ ਫੌਜ ਵਿੱਚ ਹਰ ਧਰਮ ਦੇ ਸਿਪਾਹੀ ਸਨ ਅਤੇ ਉਨ੍ਹਾਂ ਨੇ ਕਦੇ ਵੀ ਕਿਸੇ ਨਾਲ ਵਿਤਕਰਾ ਨਹੀਂ ਕੀਤਾ। ਉਨ੍ਹਾਂ ਦੀ ਰਾਜਧਾਨੀ ਲਾਹੌਰ ਉਸ ਸਮੇਂ ਦੁਨੀਆਂ ਦੇ ਖੂਬਸੂਰਤ ਸ਼ਹਿਰਾਂ ਵਿੱਚੋਂ ਇੱਕ ਸੀ। ਮਹਾਰਾਜਾ ਨੇ ਸ੍ਰੀ ਹਰਿਮੰਦਰ ਸਾਹਿਬ ਉੱਤੇ ਸੋਨਾ ਚੜ੍ਹਾਇਆ ਅਤੇ ਕਈ ਹੋਰ ਧਾਰਮਿਕ ਅਸਥਾਨਾਂ ਦੀ ਸੇਵਾ ਕਰਵਾਈ। ਇਹ ਉਨ੍ਹਾਂ ਦੀ ਧਾਰਮਿਕ ਸ਼ਰਧਾ ਦਾ ਪ੍ਰਤੀਕ ਸੀ।
ਅਕਾਲ ਤਖ਼ਤ ਦੀ ਸਿਰਜਣਾ...
ਪ੍ਰਬੰਧ ਕਰਨਾ ਸ਼ੁਰੂਕਰ ਦਾ ਇਤਿਹਾਸਕ ਫ਼ੈਸਲਾ ਕੀਤਾ। ਇਸ ਫ਼ੈਸਲੇ ਨਾਲ ਸਿੱਖ ਕੌਮ ਵਿੱਚ ਇੱਕ ਨਵਾਂ ਜੋਸ਼ ਪੈਦਾ ਹੋਇਆ। ਗੁਰੂ ਹਰਗੋਬਿੰਦ ਸਾਹਿਬ ਜੀ ਨੇ ਸਿੱਖਾਂ ਨੂੰ ਸ਼ਸਤਰ ਧਾਰਨ ਕਰਨ ਅਤੇ ਘੋੜ ਸਵਾਰੀ ਸਿੱਖਣ ਦਾ ਹੁਕਮ ਦਿੱਤਾ। ਇਸ ਤਖ਼ਤ ਉੱਤੇ ਬੈਠ ਕੇ ਗੁਰੂ ਸਾਹਿਬ ਸੰਗਤਾਂ ਦੇ ਝਗੜਿਆਂ ਦਾ ਨਿਪਟਾਰਾ ਕਰਦੇ ਸਨ ਅਤੇ ਢਾਡੀ ਵਾਰਾਂ ਸੁਣਦੇ ਸਨ। ਸ੍ਰੀ ਅਕਾਲ ਤਖ਼ਤ ਸਾਹਿਬ ਦੀ ਸਿਰਜਣਾ 1606 ਈਸਵੀ ਵਿੱਚ ਹੋਈ ਅਤੇ ਇਹ ਸਿੱਖਾਂ ਦਾ ਪਹਿਲਾ ਤਖ਼ਤ ਹੈ। ਇਸ ਦੀ ਉੱਚਾਈ ਸ੍ਰੀ ਹਰਿਮੰਦਰ ਸਾਹਿਬ ਤੋਂ ਵੱਧ ਰੱਖੀ ਗਈ ਜਿਸ ਦਾ ਭਾਵ ਸੀ ਕਿ ਸਿੱਖ ਕੌਮ ਦੁਨਿਆਵੀ ਤਾਕਤ ਅੱਗੇ ਕਦੇ ਨਹੀਂ ਝੁਕੇਗੀ। ਉਸ ਸਮੇਂ ਤੋਂ ਲੈ ਕੇ ਅੱਜ ਤੱਕ ਇਹ ਤਖ਼ਤ ਸਿੱਖ ਕੌਮ ਦੀ ਅਗਵਾਈ ਕਰਦਾ ਆ ਰਿਹਾ ਹੈ।
ਕਾਰ ਨੇ ਅਕਾਲ ਤਖ਼ਤ ਦੀ ਸਥਾਪਨਾ ਕੀਤੀ ਜਿਸ ਨੂੰ ਅੰਗਰੇਜ਼ਾਂ ਨੇ ਕਦੇ ਵੀ ਪੂਰੀ ਤਰ੍ਹਾਂ ਸਵੀਕਾਰ ਨਹੀਂ ਕੀਤਾ। ਸਿੱਖ ਕੌਮ ਨੇ ਆਪਣੀ ਆਜ਼ਾਦ ਹਸਤੀ ਨੂੰ ਕਾਇਮ ਰੱਖਣ ਲਈ ਲੰਬਾ ਸੰਘਰਸ਼ ਕੀਤਾ। ਗੁਰਦੁਆਰਾ ਸੁਧਾਰ ਲਹਿਰ ਦੌਰਾਨ ਵੀ ਅਕਾਲ ਤਖ਼ਤ ਸਾਹਿਬ ਨੇ ਕੇਂਦਰੀ ਭੂਮਿਕਾ ਨਿਭਾਈ ਅਤੇ ਮਹੰਤਾਂ ਤੋਂ ਗੁਰਦੁਆਰੇ ਆਜ਼ਾਦ ਕਰਵਾਏ ਗਏ। ਇਸ ਲਹਿਰ ਵਿੱਚ ਹਜ਼ਾਰਾਂ ਸਿੱਖਾਂ ਨੇ ਸ਼ਹੀਦੀਆਂ ਪ੍ਰਾਪਤ ਕੀਤੀਆਂ।
ਹਰ ਦੁਨਿਆਵੀ ਤਖ਼ਤ ਤੋਂ..
ਤੋਂ ਨਿਰਭਉ ਮਸਲੇ 'ਚ ਦਖਲ ਦੇਣ ਦੀ ਜ਼ਰੂਰਤ ਨਹੀਂ ਹੈ ਅਤੇ ਫੈਸਲਾ ਲੈਣ ਦਾ ਹੱਕ ਸਿਰਫ਼ ਪੰਥ ਕੋਲ ਹੈ। ਸ੍ਰੀ ਅਕਾਲ ਤਖ਼ਤ ਸਾਹਿਬ ਦਾ ਸੰਕਲਪ ਹਰ ਦੁਨਿਆਵੀ ਤਖ਼ਤ ਤੋਂ ਉੱਚਾ ਹੈ ਕਿਉਂਕਿ ਇਹ ਅਕਾਲ ਪੁਰਖ ਦਾ ਤਖ਼ਤ ਹੈ। ਦੁਨੀਆਂ ਦੀਆਂ ਸਰਕਾਰਾਂ ਆਉਂਦੀਆਂ ਜਾਂਦੀਆਂ ਰਹਿੰਦੀਆਂ ਹਨ ਪਰ ਇਹ ਤਖ਼ਤ ਸਦੀਵੀ ਹੈ। ਜਥੇਦਾਰ ਸਾਹਿਬਾਨ ਦੀ ਜ਼ਿੰਮੇਵਾਰੀ ਬਣਦੀ ਹੈ ਕਿ ਉਹ ਪੰਥ ਦੇ ਹਿੱਤਾਂ ਨੂੰ ਮੁੱਖ ਰੱਖ ਕੇ ਫੈਸਲੇ ਲੈਣ ਅਤੇ ਕਿਸੇ ਸਿਆਸੀ ਦਬਾਅ ਹੇਠ ਨਾ ਆਉਣ। ਸਿੱਖ ਸੰਗਤ ਨੂੰ ਵੀ ਚਾਹੀਦਾ ਹੈ ਕਿ ਉਹ ਤਖ਼ਤ ਦੀ ਮਾਣ-ਮਰਿਆਦਾ ਨੂੰ ਬਰਕਰਾਰ ਰੱਖਣ ਲਈ ਹਮੇਸ਼ਾ ਤਿਆਰ ਰਹੇ। ਗੁਰੂ ਹਰਗੋਬਿੰਦ ਸਾਹਿਬ ਜੀ ਨੇ ਜਿਸ ਸੋਚ ਨਾਲ ਇਸ ਤਖ਼ਤ ਦੀ ਸਿਰਜਣਾ ਕੀਤੀ ਸੀ ਉਸ ਸੋਚ ਉੱਤੇ ਪਹਿਰਾ ਦੇਣਾ ਹਰ ਸਿੱਖ ਦਾ ਫ਼ਰਜ਼ ਹੈ। ਇਹ ਤਖ਼ਤ ਸਾਨੂੰ ਸਿਖਾਉਂਦਾ ਹੈ ਕਿ ਜ਼ੁਲਮ ਅੱਗੇ ਕਦੇ ਨਾ ਝੁਕੋ ਅਤੇ ਮਜ਼ਲੂਮ ਦੀ ਰਾਖੀ ਕਰੋ। ਅਕਾਲ ਤਖ਼ਤ ਸਾਹਿਬ ਸਿੱਖ ਕੌਮ ਦੀ ਸਰਵਉੱਚ ਅਦਾਲਤ ਹੈ ਜਿਸ ਦਾ ਫੈਸਲਾ ਅੰਤਿਮ ਮੰਨਿਆ ਜਾਂਦਾ ਹੈ।
ਇਸ਼ਤਿਹਾਰ ਅਤੇ ਕਲਾਸੀਫਾਈਡ ਕੇਵਲ ਅਦਾਰਾ 'ਪਹਿਰੇਦਾਰ' ਦੀ ਈ-ਮੇਲ rozanapehredaradvt@gmail.com 'ਤੇ ਹੀ ਭੇਜੇ ਜਾਣ।
